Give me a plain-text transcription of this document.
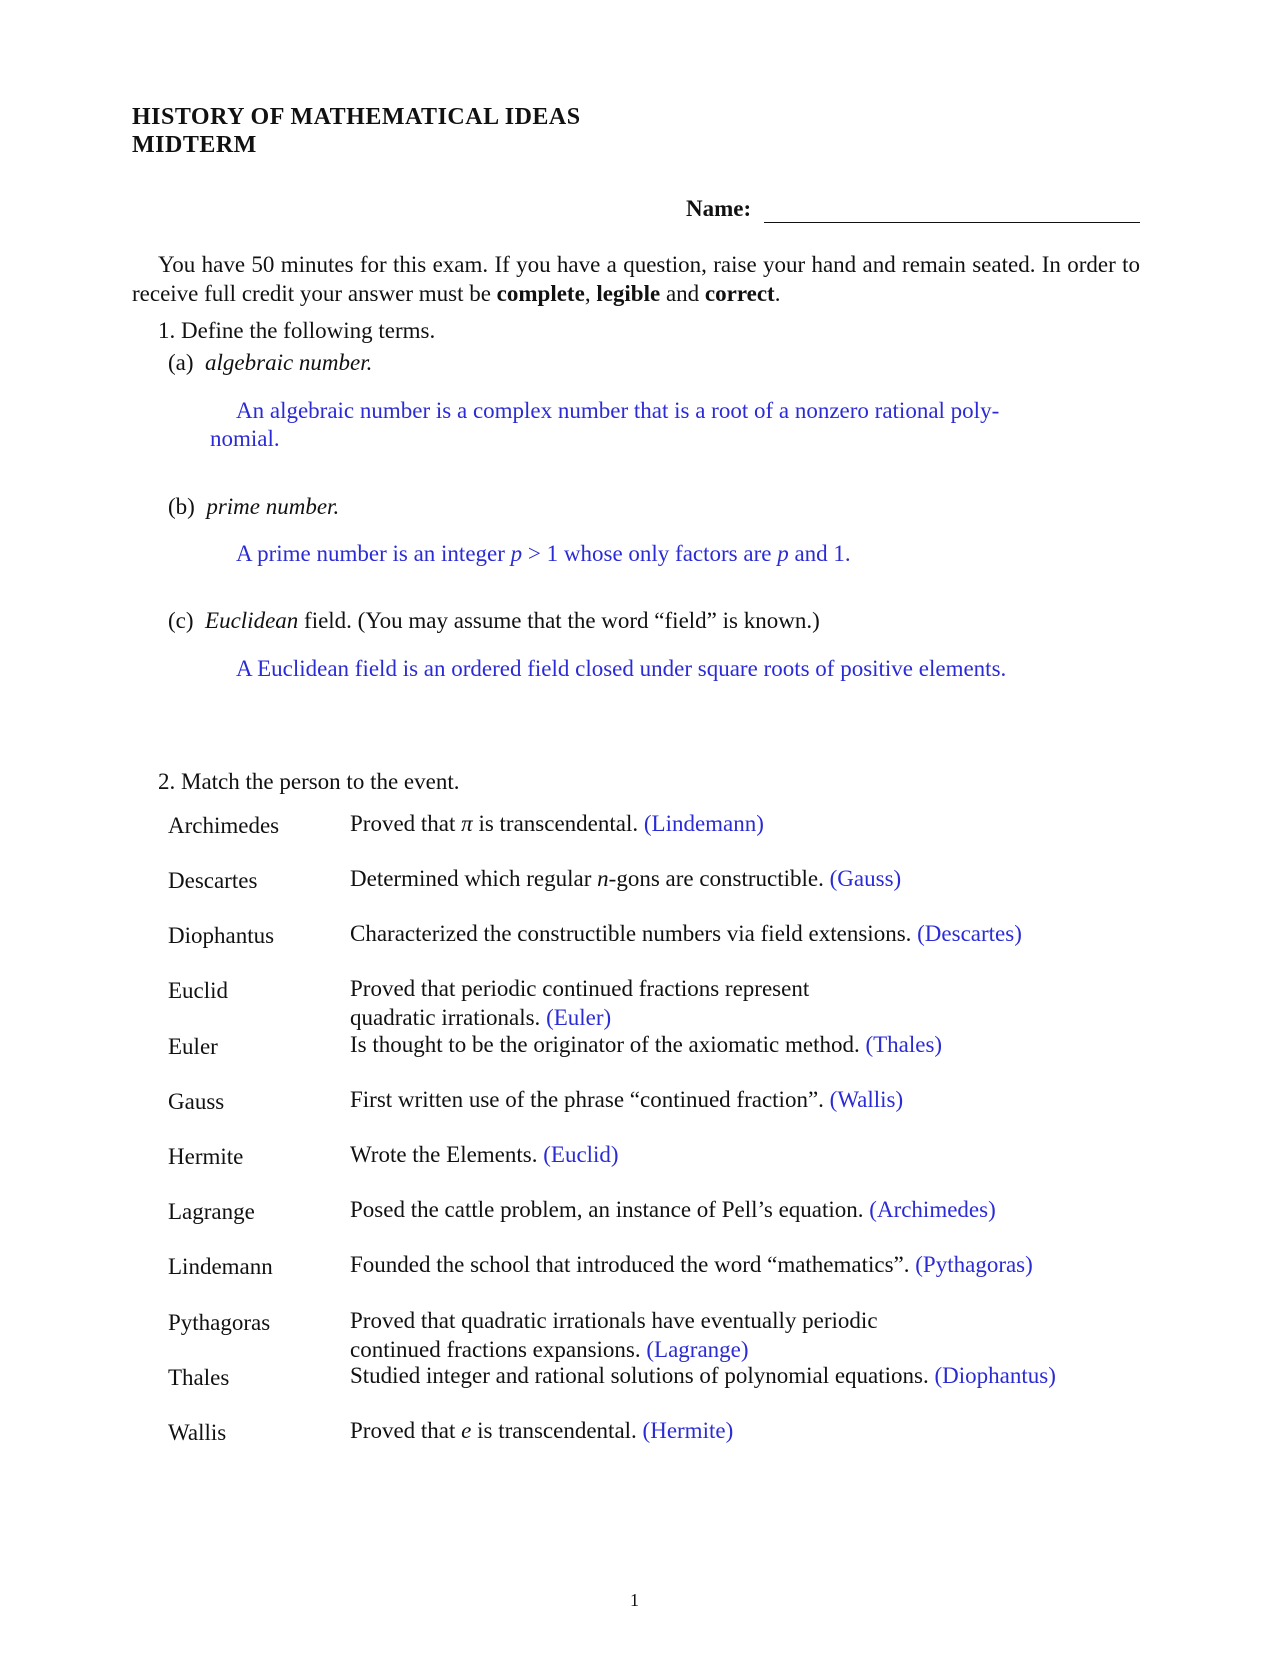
HISTORY OF MATHEMATICAL IDEAS
MIDTERM
Name:
You have 50 minutes for this exam. If you have a question, raise your hand and remain seated. In order to receive full credit your answer must be complete, legible and correct.
1. Define the following terms.
(a) algebraic number.
An algebraic number is a complex number that is a root of a nonzero rational poly-
nomial.
(b) prime number.
A prime number is an integer p > 1 whose only factors are p and 1.
(c) Euclidean field. (You may assume that the word “field” is known.)
A Euclidean field is an ordered field closed under square roots of positive elements.
2. Match the person to the event.
Archimedes
Descartes
Diophantus
Euclid
Euler
Gauss
Hermite
Lagrange
Lindemann
Pythagoras
Thales
Wallis
Proved that π is transcendental. (Lindemann)
Determined which regular n-gons are constructible. (Gauss)
Characterized the constructible numbers via field extensions. (Descartes)
Proved that periodic continued fractions represent
quadratic irrationals. (Euler)
Is thought to be the originator of the axiomatic method. (Thales)
First written use of the phrase “continued fraction”. (Wallis)
Wrote the Elements. (Euclid)
Posed the cattle problem, an instance of Pell’s equation. (Archimedes)
Founded the school that introduced the word “mathematics”. (Pythagoras)
Proved that quadratic irrationals have eventually periodic
continued fractions expansions. (Lagrange)
Studied integer and rational solutions of polynomial equations. (Diophantus)
Proved that e is transcendental. (Hermite)
1
